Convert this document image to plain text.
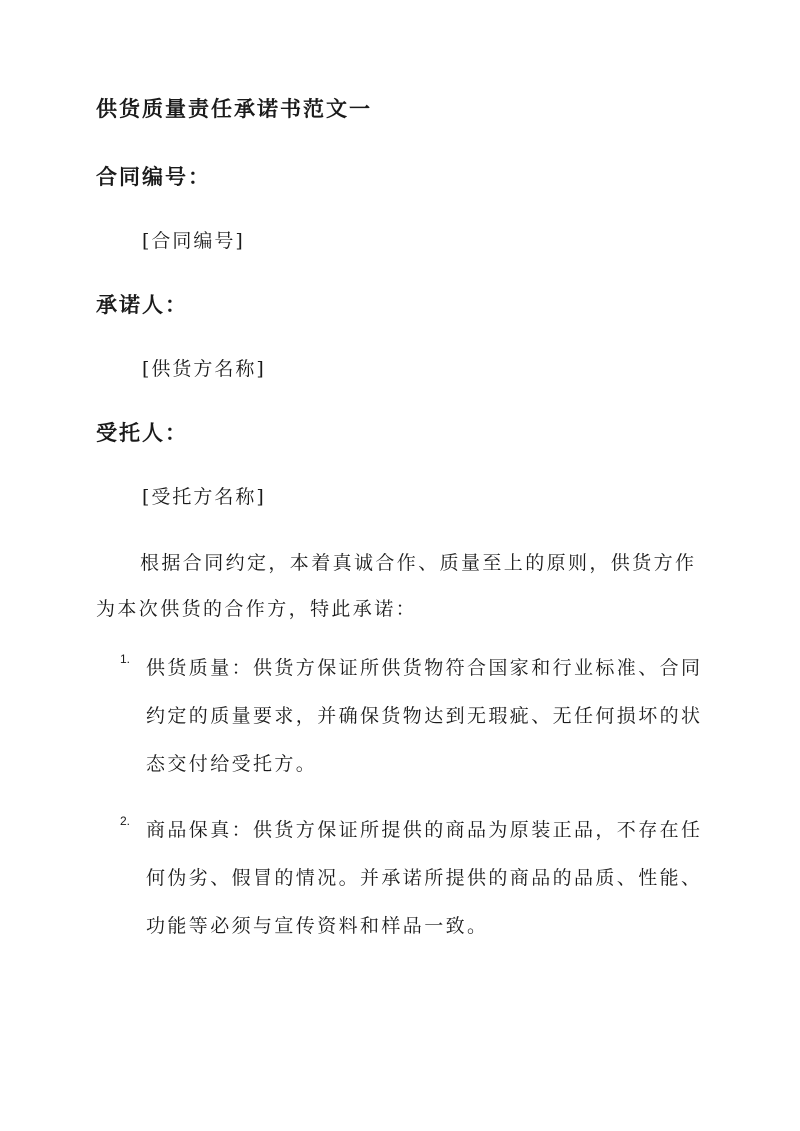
供货质量责任承诺书范文一
合同编号：

[合同编号]

承诺人：

[供货方名称]

受托人：

[受托方名称]

根据合同约定，本着真诚合作、质量至上的原则，供货方作为本次供货的合作方，特此承诺：

1. 供货质量：供货方保证所供货物符合国家和行业标准、合同约定的质量要求，并确保货物达到无瑕疵、无任何损坏的状态交付给受托方。
2. 商品保真：供货方保证所提供的商品为原装正品，不存在任何伪劣、假冒的情况。并承诺所提供的商品的品质、性能、功能等必须与宣传资料和样品一致。
